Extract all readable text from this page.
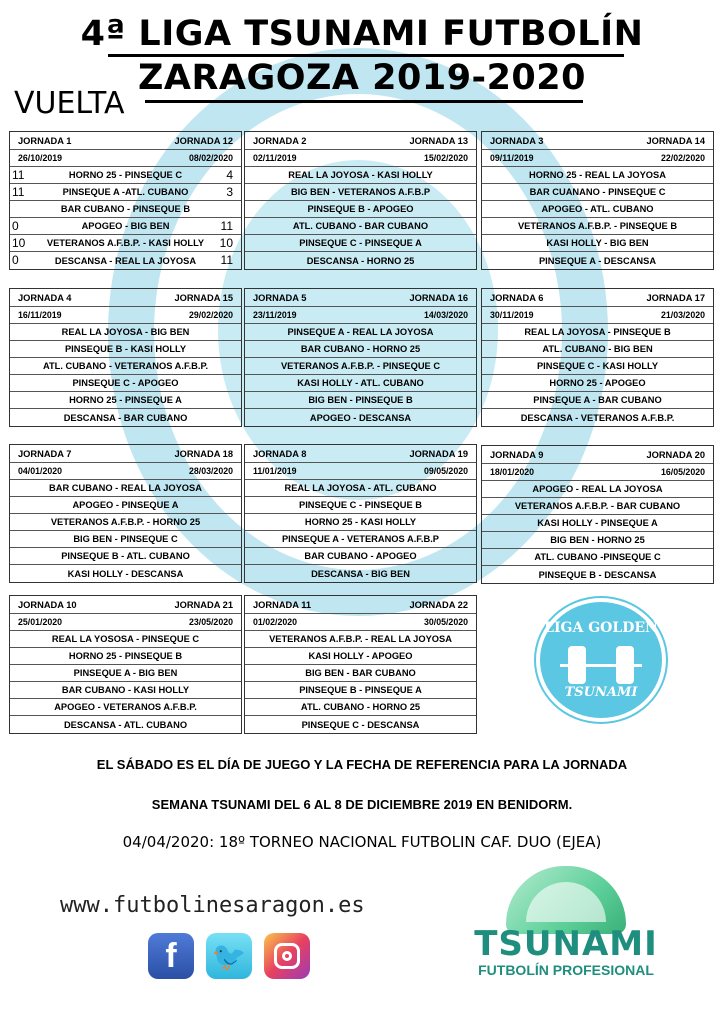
4ª LIGA TSUNAMI FUTBOLÍN
ZARAGOZA 2019-2020
VUELTA
JORNADA 1	JORNADA 12
26/10/2019	08/02/2020
11	HORNO 25 - PINSEQUE C	4
11	PINSEQUE A -ATL. CUBANO	3
BAR CUBANO - PINSEQUE B
0	APOGEO - BIG BEN	11
10 VETERANOS A.F.B.P. - KASI HOLLY 10
0	DESCANSA - REAL LA JOYOSA 11
JORNADA 2	JORNADA 13
02/11/2019	15/02/2020
REAL LA JOYOSA - KASI HOLLY
BIG BEN - VETERANOS A.F.B.P
PINSEQUE B - APOGEO
ATL. CUBANO - BAR CUBANO
PINSEQUE C - PINSEQUE A
DESCANSA - HORNO 25
JORNADA 3	JORNADA 14
09/11/2019	22/02/2020
HORNO 25 - REAL LA JOYOSA
BAR CUANANO - PINSEQUE C
APOGEO - ATL. CUBANO
VETERANOS A.F.B.P. - PINSEQUE B
KASI HOLLY - BIG BEN
PINSEQUE A - DESCANSA
JORNADA 4	JORNADA 15
16/11/2019	29/02/2020
REAL LA JOYOSA - BIG BEN
PINSEQUE B - KASI HOLLY
ATL. CUBANO - VETERANOS A.F.B.P.
PINSEQUE C - APOGEO
HORNO 25 - PINSEQUE A
DESCANSA - BAR CUBANO
JORNADA 5	JORNADA 16
23/11/2019	14/03/2020
PINSEQUE A - REAL LA JOYOSA
BAR CUBANO - HORNO 25
VETERANOS A.F.B.P. - PINSEQUE C
KASI HOLLY - ATL. CUBANO
BIG BEN - PINSEQUE B
APOGEO - DESCANSA
JORNADA 6	JORNADA 17
30/11/2019	21/03/2020
REAL LA JOYOSA - PINSEQUE B
ATL. CUBANO - BIG BEN
PINSEQUE C - KASI HOLLY
HORNO 25 - APOGEO
PINSEQUE A - BAR CUBANO
DESCANSA - VETERANOS A.F.B.P.
JORNADA 7	JORNADA 18
04/01/2020	28/03/2020
BAR CUBANO - REAL LA JOYOSA
APOGEO - PINSEQUE A
VETERANOS A.F.B.P. - HORNO 25
BIG BEN - PINSEQUE C
PINSEQUE B - ATL. CUBANO
KASI HOLLY - DESCANSA
JORNADA 8	JORNADA 19
11/01/2019	09/05/2020
REAL LA JOYOSA - ATL. CUBANO
PINSEQUE C - PINSEQUE B
HORNO 25 - KASI HOLLY
PINSEQUE A - VETERANOS A.F.B.P
BAR CUBANO - APOGEO
DESCANSA - BIG BEN
JORNADA 9	JORNADA 20
18/01/2020	16/05/2020
APOGEO - REAL LA JOYOSA
VETERANOS A.F.B.P. - BAR CUBANO
KASI HOLLY - PINSEQUE A
BIG BEN - HORNO 25
ATL. CUBANO -PINSEQUE C
PINSEQUE B - DESCANSA
JORNADA 10	JORNADA 21
25/01/2020	23/05/2020
REAL LA YOSOSA - PINSEQUE C
HORNO 25 - PINSEQUE B
PINSEQUE A - BIG BEN
BAR CUBANO - KASI HOLLY
APOGEO - VETERANOS A.F.B.P.
DESCANSA - ATL. CUBANO
JORNADA 11	JORNADA 22
01/02/2020	30/05/2020
VETERANOS A.F.B.P. - REAL LA JOYOSA
KASI HOLLY - APOGEO
BIG BEN - BAR CUBANO
PINSEQUE B - PINSEQUE A
ATL. CUBANO - HORNO 25
PINSEQUE C - DESCANSA
LIGA GOLDEN
TSUNAMI
EL SÁBADO ES EL DÍA DE JUEGO Y LA FECHA DE REFERENCIA PARA LA JORNADA
SEMANA TSUNAMI DEL 6 AL 8 DE DICIEMBRE 2019 EN BENIDORM.
04/04/2020: 18º TORNEO NACIONAL FUTBOLIN CAF. DUO (EJEA)
www.futbolinesaragon.es
f	🐦	TSUNAMI
FUTBOLÍN PROFESIONAL
